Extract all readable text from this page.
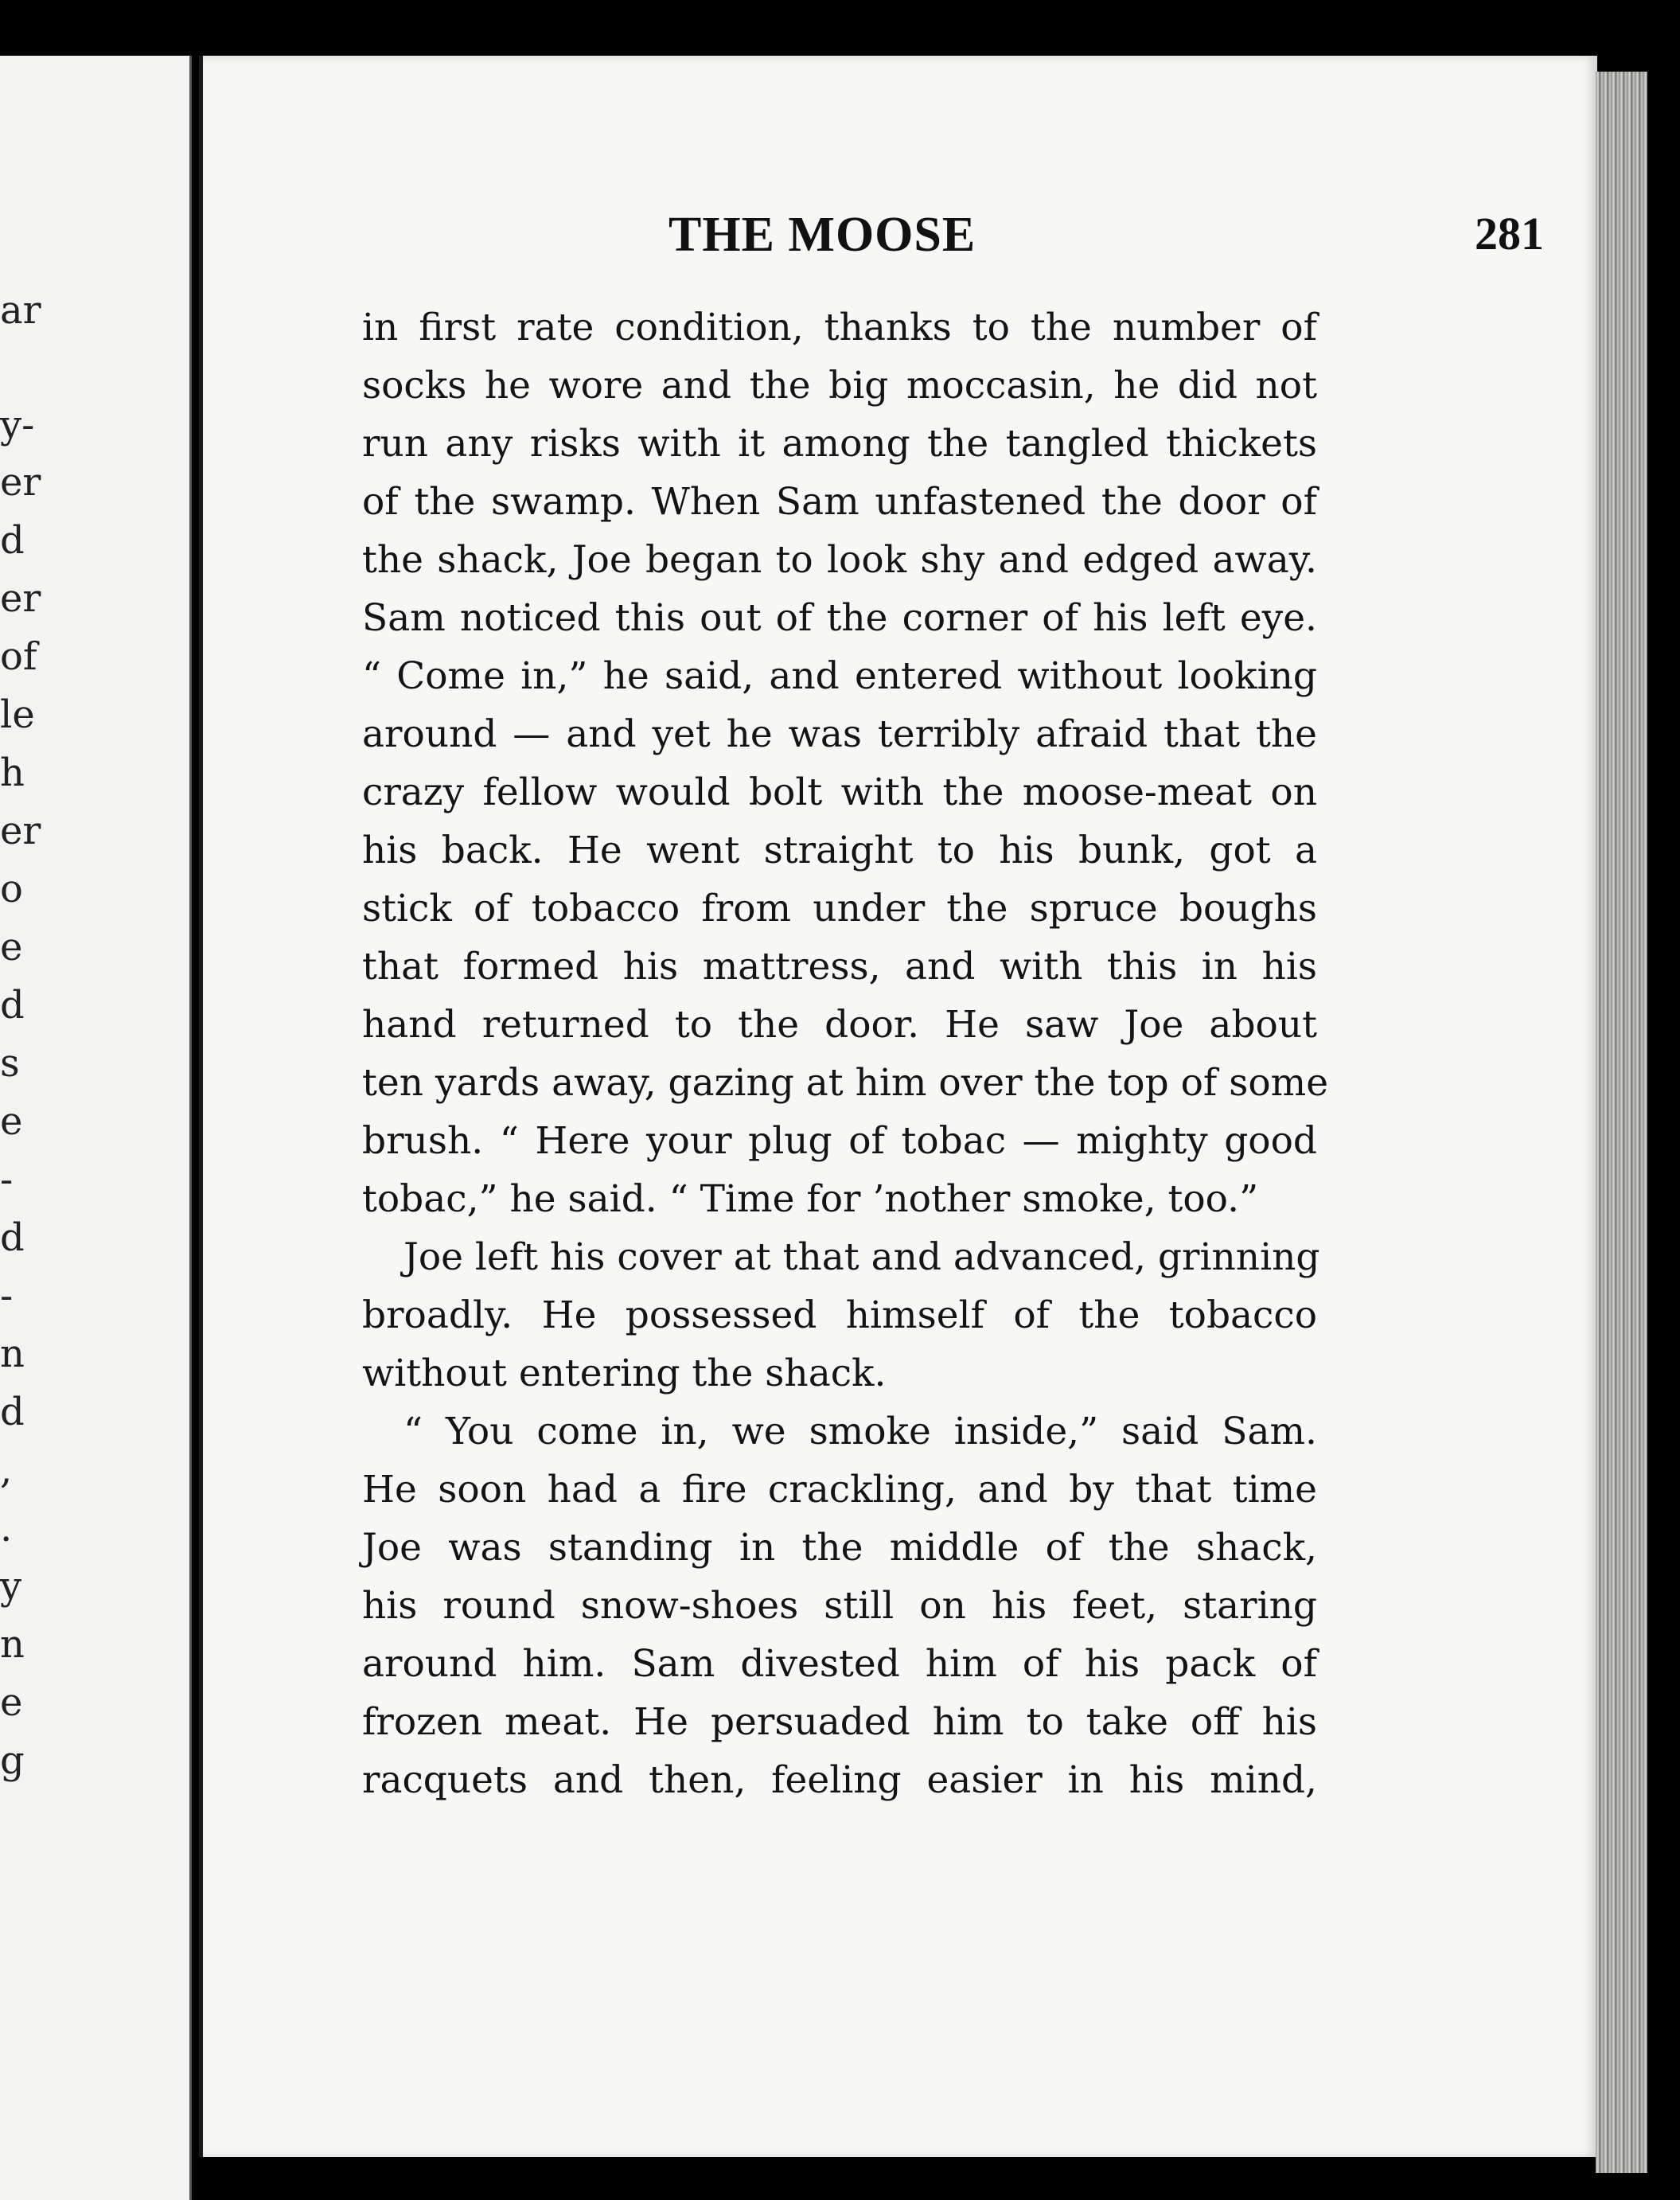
ar
y-
er
d
er
of
le
h
er
o
e
d
s
e
-
d
-
n
d
,
.
y
n
e
g
THE MOOSE	281
in first rate condition, thanks to the number of
socks he wore and the big moccasin, he did not
run any risks with it among the tangled thickets
of the swamp. When Sam unfastened the door of
the shack, Joe began to look shy and edged away.
Sam noticed this out of the corner of his left eye.
“ Come in,” he said, and entered without looking
around — and yet he was terribly afraid that the
crazy fellow would bolt with the moose-meat on
his back. He went straight to his bunk, got a
stick of tobacco from under the spruce boughs
that formed his mattress, and with this in his
hand returned to the door. He saw Joe about
ten yards away, gazing at him over the top of some
brush. “ Here your plug of tobac — mighty good
tobac,” he said. “ Time for ’nother smoke, too.”
Joe left his cover at that and advanced, grinning
broadly. He possessed himself of the tobacco
without entering the shack.
“ You come in, we smoke inside,” said Sam.
He soon had a fire crackling, and by that time
Joe was standing in the middle of the shack,
his round snow-shoes still on his feet, staring
around him. Sam divested him of his pack of
frozen meat. He persuaded him to take off his
racquets and then, feeling easier in his mind,
